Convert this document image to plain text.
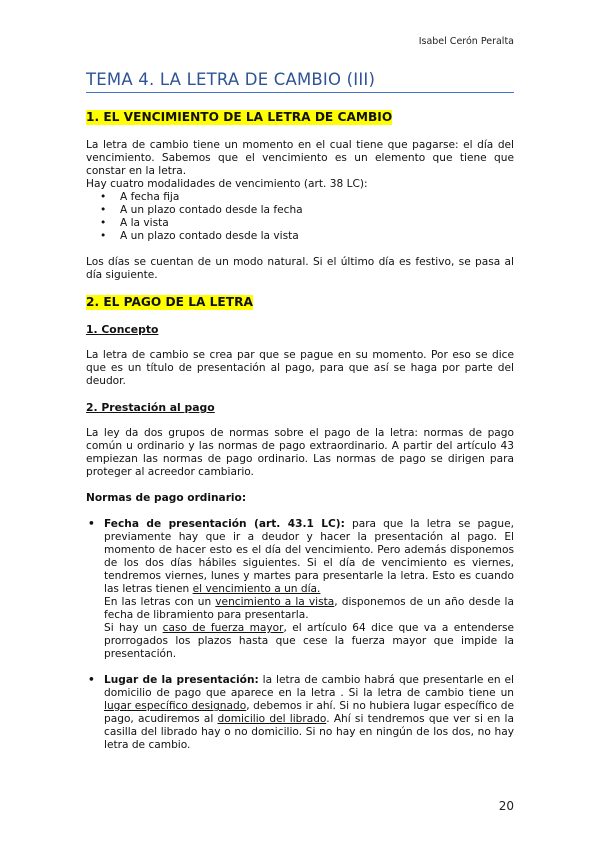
Isabel Cerón Peralta
TEMA 4. LA LETRA DE CAMBIO (III)

1. EL VENCIMIENTO DE LA LETRA DE CAMBIO

La letra de cambio tiene un momento en el cual tiene que pagarse: el día del vencimiento. Sabemos que el vencimiento es un elemento que tiene que constar en la letra.

Hay cuatro modalidades de vencimiento (art. 38 LC):

• A fecha fija
• A un plazo contado desde la fecha
• A la vista
• A un plazo contado desde la vista

Los días se cuentan de un modo natural. Si el último día es festivo, se pasa al día siguiente.

2. EL PAGO DE LA LETRA

1. Concepto

La letra de cambio se crea par que se pague en su momento. Por eso se dice que es un título de presentación al pago, para que así se haga por parte del deudor.

2. Prestación al pago

La ley da dos grupos de normas sobre el pago de la letra: normas de pago común u ordinario y las normas de pago extraordinario. A partir del artículo 43 empiezan las normas de pago ordinario. Las normas de pago se dirigen para proteger al acreedor cambiario.

Normas de pago ordinario:

• Fecha de presentación (art. 43.1 LC): para que la letra se pague, previamente hay que ir a deudor y hacer la presentación al pago. El momento de hacer esto es el día del vencimiento. Pero además disponemos de los dos días hábiles siguientes. Si el día de vencimiento es viernes, tendremos viernes, lunes y martes para presentarle la letra. Esto es cuando las letras tienen el vencimiento a un día.
En las letras con un vencimiento a la vista, disponemos de un año desde la fecha de libramiento para presentarla.
Si hay un caso de fuerza mayor, el artículo 64 dice que va a entenderse prorrogados los plazos hasta que cese la fuerza mayor que impide la presentación.
• Lugar de la presentación: la letra de cambio habrá que presentarle en el domicilio de pago que aparece en la letra . Si la letra de cambio tiene un lugar específico designado, debemos ir ahí. Si no hubiera lugar específico de pago, acudiremos al domicilio del librado. Ahí si tendremos que ver si en la casilla del librado hay o no domicilio. Si no hay en ningún de los dos, no hay letra de cambio.
20
